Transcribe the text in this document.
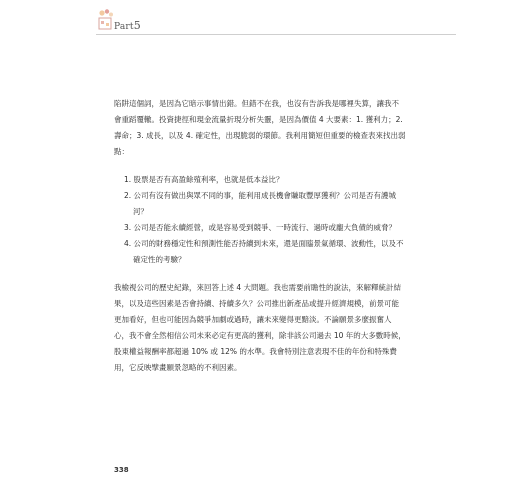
Part5

陷阱這個詞，是因為它暗示事情出錯。但錯不在我，也沒有告訴我是哪裡失算，讓我不會重蹈覆轍。投資捷徑和現金流量折現分析失靈，是因為價值 4 大要素：1. 獲利力；2. 壽命；3. 成長，以及 4. 確定性，出現脆弱的環節。我利用簡短但重要的檢查表來找出弱點：

1. 股票是否有高盈餘殖利率，也就是低本益比？
2. 公司有沒有做出與眾不同的事，能利用成長機會賺取豐厚獲利？公司是否有護城河？
3. 公司是否能永續經營，或是容易受到競爭、一時流行、過時或龐大負債的威脅？
4. 公司的財務穩定性和預測性能否持續到未來，還是面臨景氣循環、波動性，以及不確定性的考驗？

我檢視公司的歷史紀錄，來回答上述 4 大問題。我也需要前瞻性的說法，來解釋統計結果，以及這些因素是否會持續、持續多久？公司推出新產品或提升經濟規模，前景可能更加看好，但也可能因為競爭加劇或過時，讓未來變得更黯淡。不論願景多麼振奮人心，我不會全然相信公司未來必定有更高的獲利，除非該公司過去 10 年的大多數時候，股東權益報酬率都超過 10% 或 12% 的水準。我會特別注意表現不佳的年份和特殊費用，它反映擘畫願景忽略的不利因素。

338
